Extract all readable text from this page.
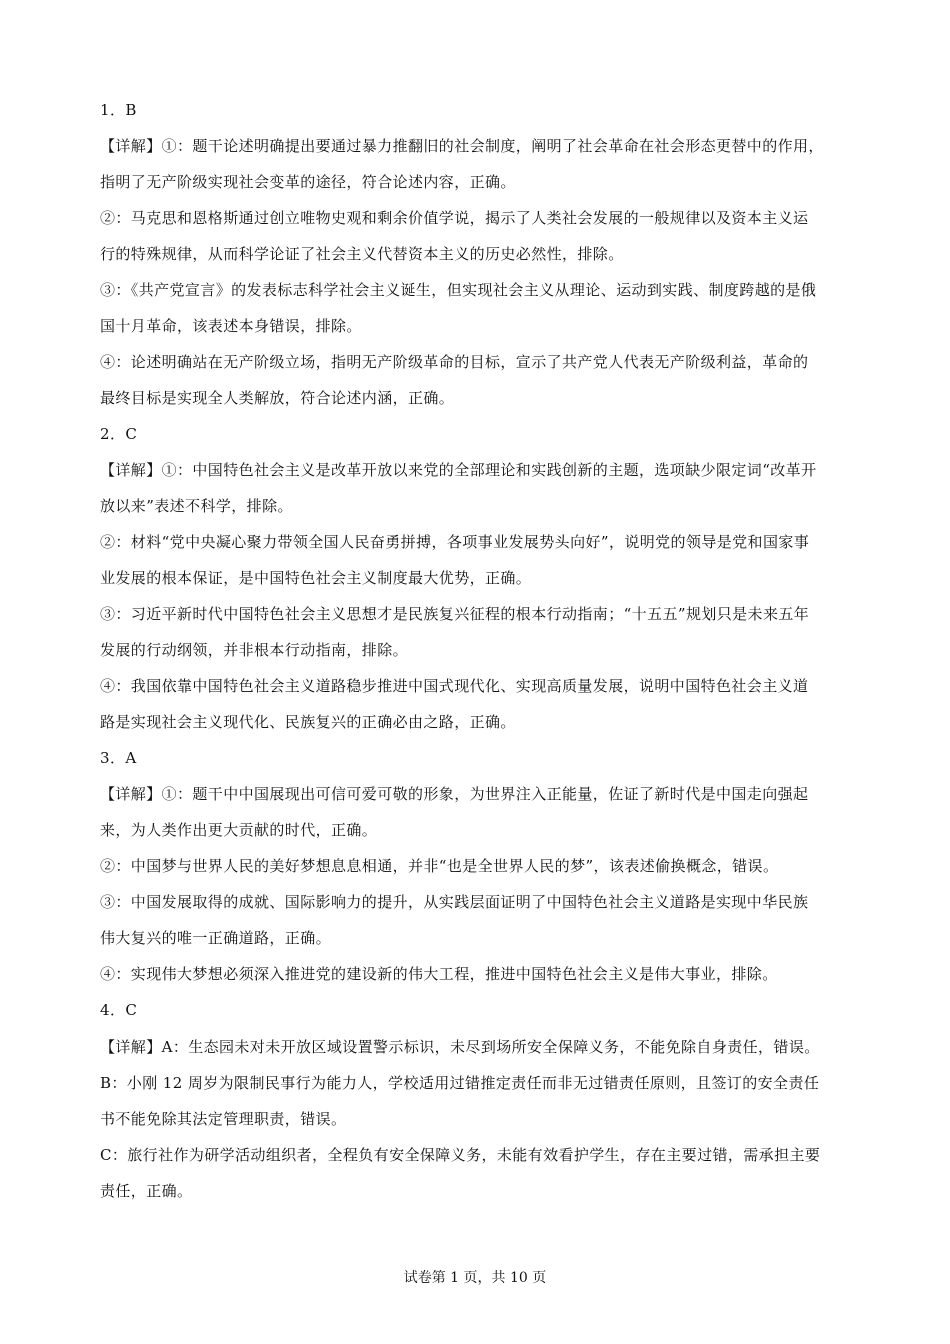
1．B
【详解】①：题干论述明确提出要通过暴力推翻旧的社会制度，阐明了社会革命在社会形态更替中的作用，
指明了无产阶级实现社会变革的途径，符合论述内容，正确。
②：马克思和恩格斯通过创立唯物史观和剩余价值学说，揭示了人类社会发展的一般规律以及资本主义运
行的特殊规律，从而科学论证了社会主义代替资本主义的历史必然性，排除。
③：《共产党宣言》的发表标志科学社会主义诞生，但实现社会主义从理论、运动到实践、制度跨越的是俄
国十月革命，该表述本身错误，排除。
④：论述明确站在无产阶级立场，指明无产阶级革命的目标，宣示了共产党人代表无产阶级利益，革命的
最终目标是实现全人类解放，符合论述内涵，正确。
2．C
【详解】①：中国特色社会主义是改革开放以来党的全部理论和实践创新的主题，选项缺少限定词“改革开
放以来”表述不科学，排除。
②：材料“党中央凝心聚力带领全国人民奋勇拼搏，各项事业发展势头向好”，说明党的领导是党和国家事
业发展的根本保证，是中国特色社会主义制度最大优势，正确。
③：习近平新时代中国特色社会主义思想才是民族复兴征程的根本行动指南；“十五五”规划只是未来五年
发展的行动纲领，并非根本行动指南，排除。
④：我国依靠中国特色社会主义道路稳步推进中国式现代化、实现高质量发展，说明中国特色社会主义道
路是实现社会主义现代化、民族复兴的正确必由之路，正确。
3．A
【详解】①：题干中中国展现出可信可爱可敬的形象，为世界注入正能量，佐证了新时代是中国走向强起
来，为人类作出更大贡献的时代，正确。
②：中国梦与世界人民的美好梦想息息相通，并非“也是全世界人民的梦”，该表述偷换概念，错误。
③：中国发展取得的成就、国际影响力的提升，从实践层面证明了中国特色社会主义道路是实现中华民族
伟大复兴的唯一正确道路，正确。
④：实现伟大梦想必须深入推进党的建设新的伟大工程，推进中国特色社会主义是伟大事业，排除。
4．C
【详解】A：生态园未对未开放区域设置警示标识，未尽到场所安全保障义务，不能免除自身责任，错误。
B：小刚 12 周岁为限制民事行为能力人，学校适用过错推定责任而非无过错责任原则，且签订的安全责任
书不能免除其法定管理职责，错误。
C：旅行社作为研学活动组织者，全程负有安全保障义务，未能有效看护学生，存在主要过错，需承担主要
责任，正确。
试卷第 1 页，共 10 页
